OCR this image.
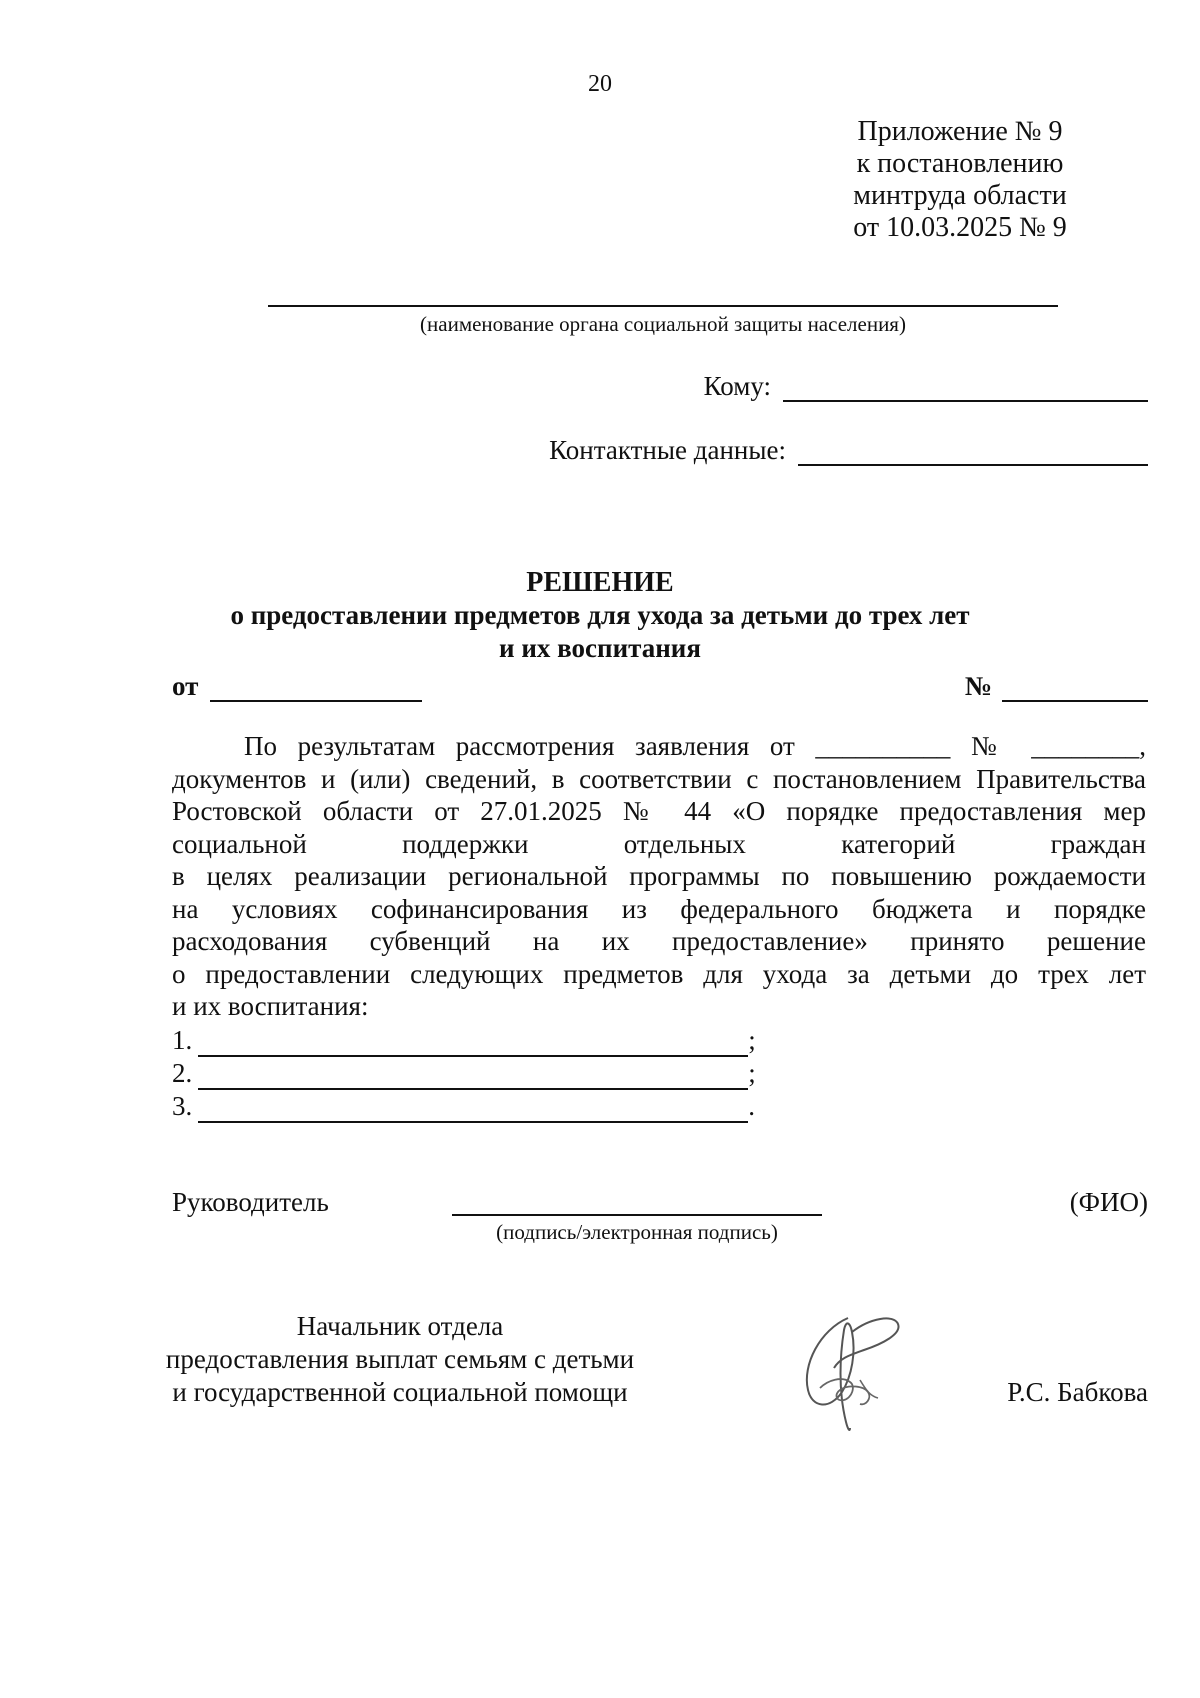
20
Приложение № 9
к постановлению
минтруда области
от 10.03.2025 № 9
(наименование органа социальной защиты населения)
Кому:
Контактные данные:
РЕШЕНИЕ
о предоставлении предметов для ухода за детьми до трех лет
и их воспитания
от	№
По результатам рассмотрения заявления от __________ № ________,
документов и (или) сведений, в соответствии с постановлением Правительства
Ростовской области от 27.01.2025 № 44 «О порядке предоставления мер
социальной поддержки отдельных категорий граждан
в целях реализации региональной программы по повышению рождаемости
на условиях софинансирования из федерального бюджета и порядке
расходования субвенций на их предоставление» принято решение
о предоставлении следующих предметов для ухода за детьми до трех лет
и их воспитания:
1.	;
2.	;
3.	.
Руководитель
(подпись/электронная подпись)
(ФИО)
Начальник отдела
предоставления выплат семьям с детьми
и государственной социальной помощи	Р.С. Бабкова
